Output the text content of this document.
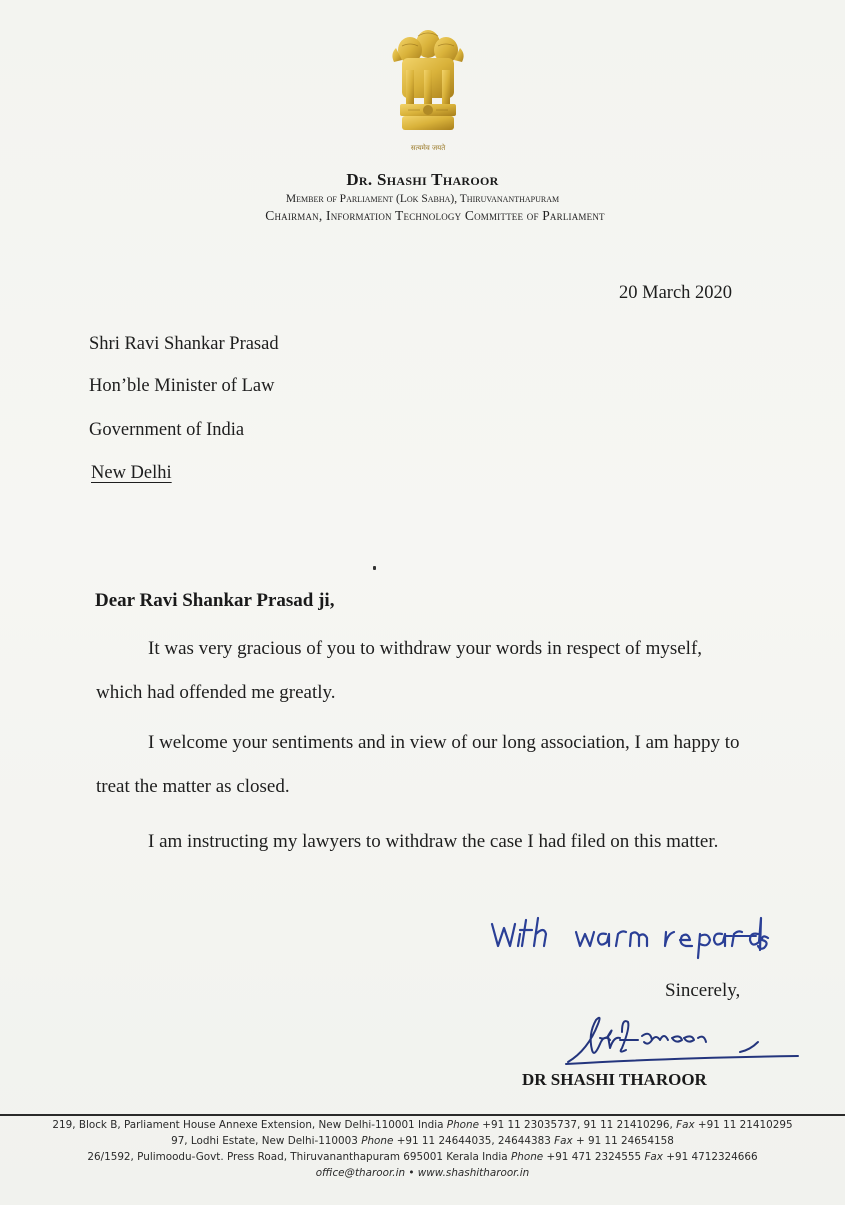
सत्यमेव जयते
Dr. Shashi Tharoor
Member of Parliament (Lok Sabha), Thiruvananthapuram
Chairman, Information Technology Committee of Parliament
20 March 2020
Shri Ravi Shankar Prasad
Hon’ble Minister of Law
Government of India
New Delhi
Dear Ravi Shankar Prasad ji,
It was very gracious of you to withdraw your words in respect of myself, which had offended me greatly.
I welcome your sentiments and in view of our long association, I am happy to treat the matter as closed.
I am instructing my lawyers to withdraw the case I had filed on this matter.
Sincerely,
DR SHASHI THAROOR
219, Block B, Parliament House Annexe Extension, New Delhi-110001 India Phone +91 11 23035737, 91 11 21410296, Fax +91 11 21410295
97, Lodhi Estate, New Delhi-110003 Phone +91 11 24644035, 24644383 Fax + 91 11 24654158
26/1592, Pulimoodu-Govt. Press Road, Thiruvananthapuram 695001 Kerala India Phone +91 471 2324555 Fax +91 4712324666
office@tharoor.in • www.shashitharoor.in
